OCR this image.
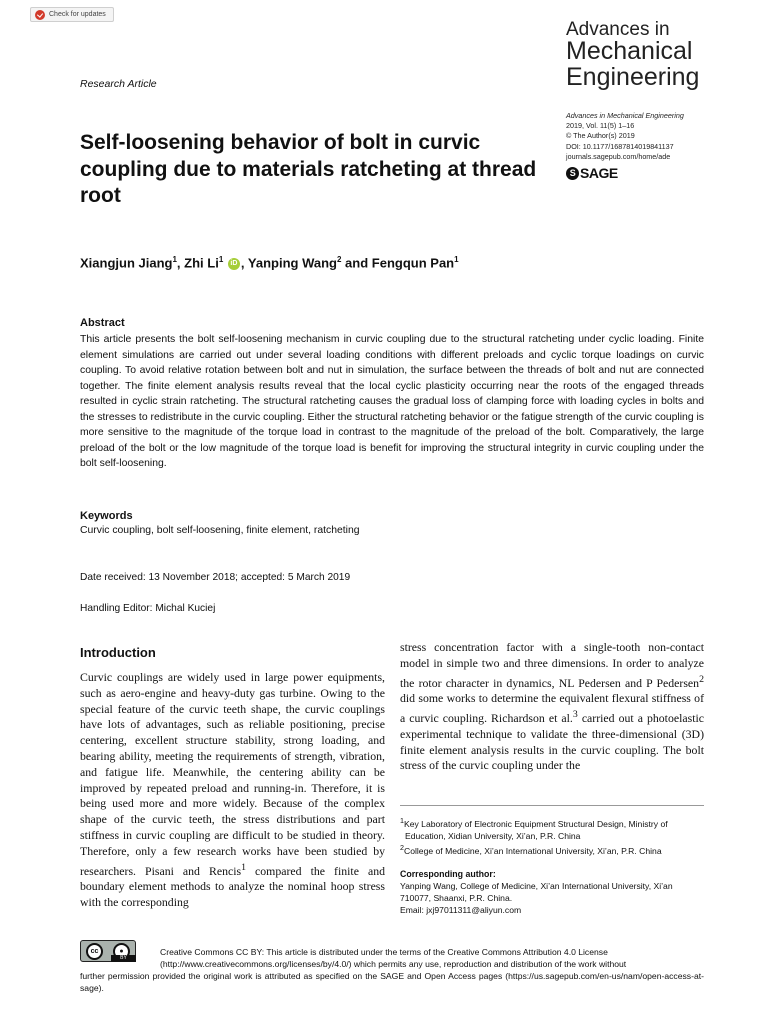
Check for updates
Advances in
Mechanical
Engineering
Research Article
Advances in Mechanical Engineering
2019, Vol. 11(5) 1–16
© The Author(s) 2019
DOI: 10.1177/1687814019841137
journals.sagepub.com/home/ade
S SAGE
Self-loosening behavior of bolt in curvic coupling due to materials ratcheting at thread root
Xiangjun Jiang$^1$, Zhi Li$^1$ iD , Yanping Wang$^2$ and Fengqun Pan$^1$
Abstract

This article presents the bolt self-loosening mechanism in curvic coupling due to the structural ratcheting under cyclic loading. Finite element simulations are carried out under several loading conditions with different preloads and cyclic torque loadings on curvic coupling. To avoid relative rotation between bolt and nut in simulation, the surface between the threads of bolt and nut are connected together. The finite element analysis results reveal that the local cyclic plasticity occurring near the roots of the engaged threads resulted in cyclic strain ratcheting. The structural ratcheting causes the gradual loss of clamping force with loading cycles in bolts and the stresses to redistribute in the curvic coupling. Either the structural ratcheting behavior or the fatigue strength of the curvic coupling is more sensitive to the magnitude of the torque load in contrast to the magnitude of the preload of the bolt. Comparatively, the large preload of the bolt or the low magnitude of the torque load is benefit for improving the structural integrity in curvic coupling under the bolt self-loosening.

Keywords
Curvic coupling, bolt self-loosening, finite element, ratcheting
Date received: 13 November 2018; accepted: 5 March 2019
Handling Editor: Michal Kuciej
Introduction

Curvic couplings are widely used in large power equipments, such as aero-engine and heavy-duty gas turbine. Owing to the special feature of the curvic teeth shape, the curvic couplings have lots of advantages, such as reliable positioning, precise centering, excellent structure stability, strong loading, and bearing ability, meeting the requirements of strength, vibration, and fatigue life. Meanwhile, the centering ability can be improved by repeated preload and running-in. Therefore, it is being used more and more widely. Because of the complex shape of the curvic teeth, the stress distributions and part stiffness in curvic coupling are difficult to be studied in theory. Therefore, only a few research works have been studied by researchers. Pisani and Rencis$^1$ compared the finite and boundary element methods to analyze the nominal hoop stress with the corresponding

stress concentration factor with a single-tooth non-contact model in simple two and three dimensions. In order to analyze the rotor character in dynamics, NL Pedersen and P Pedersen$^2$ did some works to determine the equivalent flexural stiffness of a curvic coupling. Richardson et al.$^3$ carried out a photoelastic experimental technique to validate the three-dimensional (3D) finite element analysis results in the curvic coupling. The bolt stress of the curvic coupling under the

$^1$Key Laboratory of Electronic Equipment Structural Design, Ministry of Education, Xidian University, Xi’an, P.R. China
$^2$College of Medicine, Xi’an International University, Xi’an, P.R. China
Corresponding author:
Yanping Wang, College of Medicine, Xi’an International University, Xi’an 710077, Shaanxi, P.R. China.
Email: jxj97011311@aliyun.com
cc	●
BY
Creative Commons CC BY: This article is distributed under the terms of the Creative Commons Attribution 4.0 License (http://www.creativecommons.org/licenses/by/4.0/) which permits any use, reproduction and distribution of the work without
further permission provided the original work is attributed as specified on the SAGE and Open Access pages (https://us.sagepub.com/en-us/nam/open-access-at-sage).
